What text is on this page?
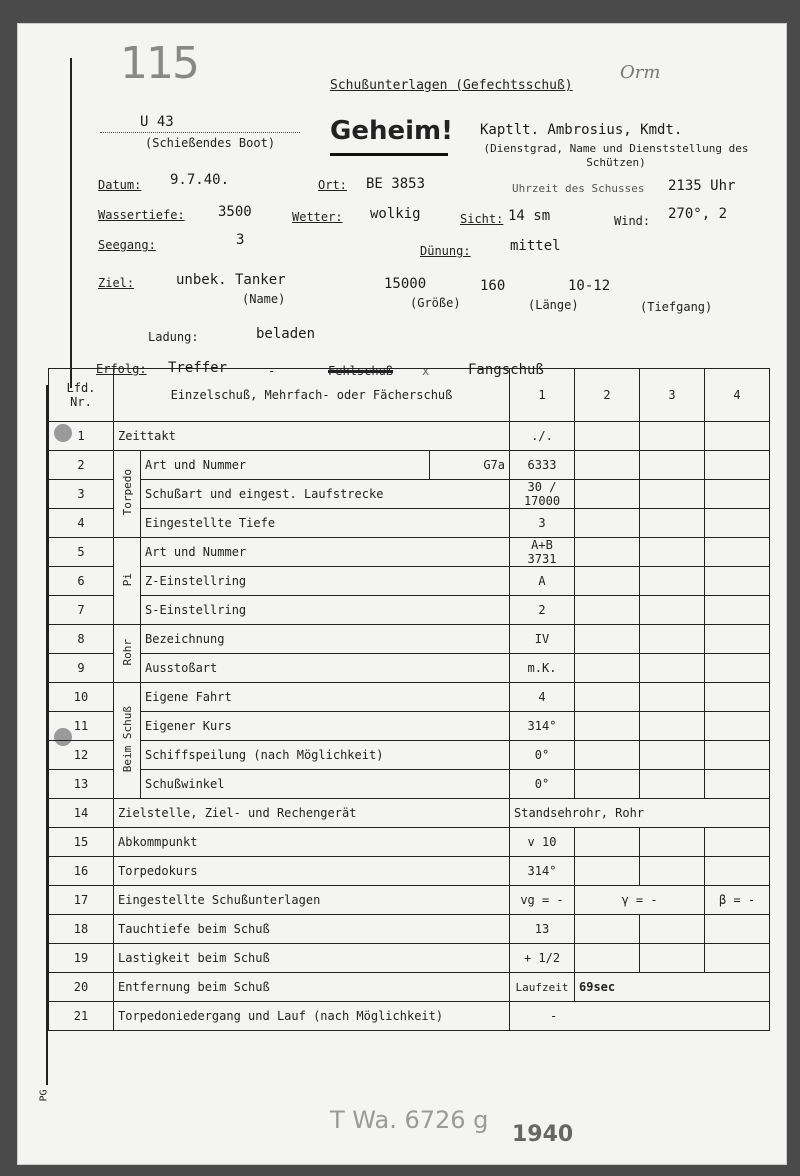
115	Schußunterlagen (Gefechtsschuß)
Orm
U 43
(Schießendes Boot) Geheim! Kaptlt. Ambrosius, Kmdt.
(Dienstgrad, Name und Dienststellung des Schützen)
Datum: 9.7.40.	Ort: BE 3853	Uhrzeit des Schusses 2135 Uhr
Wassertiefe: 3500	Wetter: wolkig	Sicht: 14 sm	Wind: 270°, 2
Seegang:	3
Dünung:	mittel
Ziel:	unbek. Tanker
(Name)
15000
(Größe)
160
(Länge)
10-12
(Tiefgang)
Ladung:	beladen
Erfolg: Treffer	-	Fehlschuß x	Fangschuß
Lfd. Nr.	Einzelschuß, Mehrfach- oder Fächerschuß			1	2	3	4
1	Zeittakt			./.			
2	Torpedo	Art und Nummer	G7a	6333			
3		Schußart und eingest. Laufstrecke		30 / 17000			
4		Eingestellte Tiefe		3			
5	Pi	Art und Nummer		A+B 3731			
6		Z-Einstellring		A			
7		S-Einstellring		2			
8	Rohr	Bezeichnung		IV			
9		Ausstoßart		m.K.			
10	Beim Schuß	Eigene Fahrt		4			
11		Eigener Kurs		314°			
12		Schiffspeilung (nach Möglichkeit)		0°			
13		Schußwinkel		0°			
14	Zielstelle, Ziel- und Rechengerät			Standsehrohr, Rohr			
15	Abkommpunkt			v 10			
16	Torpedokurs			314°			
17	Eingestellte Schußunterlagen			vg = -	γ = -		β = -
18	Tauchtiefe beim Schuß			13			
19	Lastigkeit beim Schuß			+ 1/2			
20	Entfernung beim Schuß			Laufzeit	69sec		
21	Torpedoniedergang und Lauf (nach Möglichkeit)			-			
T Wa. 6726 g
1940
PG
